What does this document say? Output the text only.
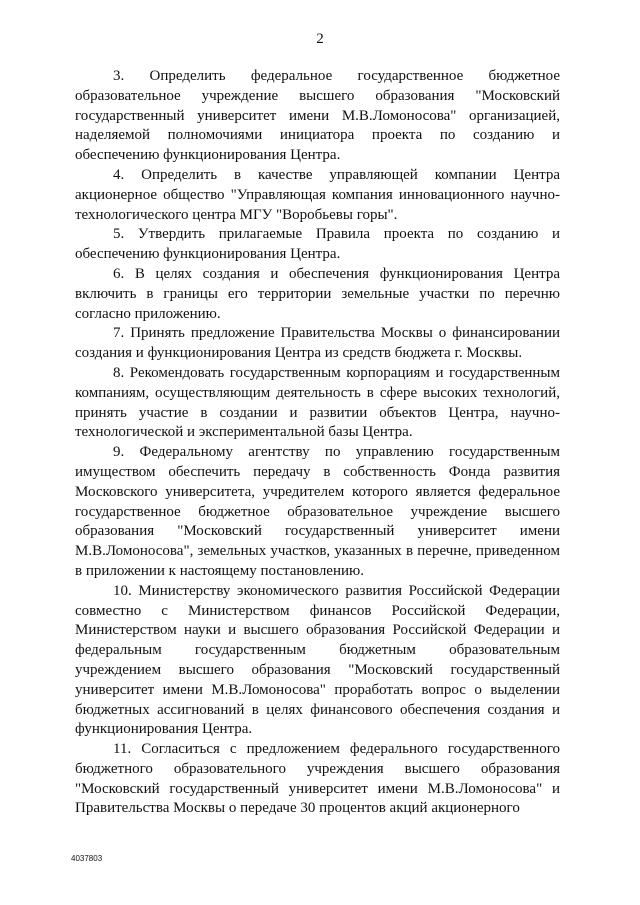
2

3. Определить федеральное государственное бюджетное образовательное учреждение высшего образования "Московский государственный университет имени М.В.Ломоносова" организацией, наделяемой полномочиями инициатора проекта по созданию и обеспечению функционирования Центра.

4. Определить в качестве управляющей компании Центра акционерное общество "Управляющая компания инновационного научно-технологического центра МГУ "Воробьевы горы".

5. Утвердить прилагаемые Правила проекта по созданию и обеспечению функционирования Центра.

6. В целях создания и обеспечения функционирования Центра включить в границы его территории земельные участки по перечню согласно приложению.

7. Принять предложение Правительства Москвы о финансировании создания и функционирования Центра из средств бюджета г. Москвы.

8. Рекомендовать государственным корпорациям и государственным компаниям, осуществляющим деятельность в сфере высоких технологий, принять участие в создании и развитии объектов Центра, научно-технологической и экспериментальной базы Центра.

9. Федеральному агентству по управлению государственным имуществом обеспечить передачу в собственность Фонда развития Московского университета, учредителем которого является федеральное государственное бюджетное образовательное учреждение высшего образования "Московский государственный университет имени М.В.Ломоносова", земельных участков, указанных в перечне, приведенном в приложении к настоящему постановлению.

10. Министерству экономического развития Российской Федерации совместно с Министерством финансов Российской Федерации, Министерством науки и высшего образования Российской Федерации и федеральным государственным бюджетным образовательным учреждением высшего образования "Московский государственный университет имени М.В.Ломоносова" проработать вопрос о выделении бюджетных ассигнований в целях финансового обеспечения создания и функционирования Центра.

11. Согласиться с предложением федерального государственного бюджетного образовательного учреждения высшего образования "Московский государственный университет имени М.В.Ломоносова" и Правительства Москвы о передаче 30 процентов акций акционерного

4037803
